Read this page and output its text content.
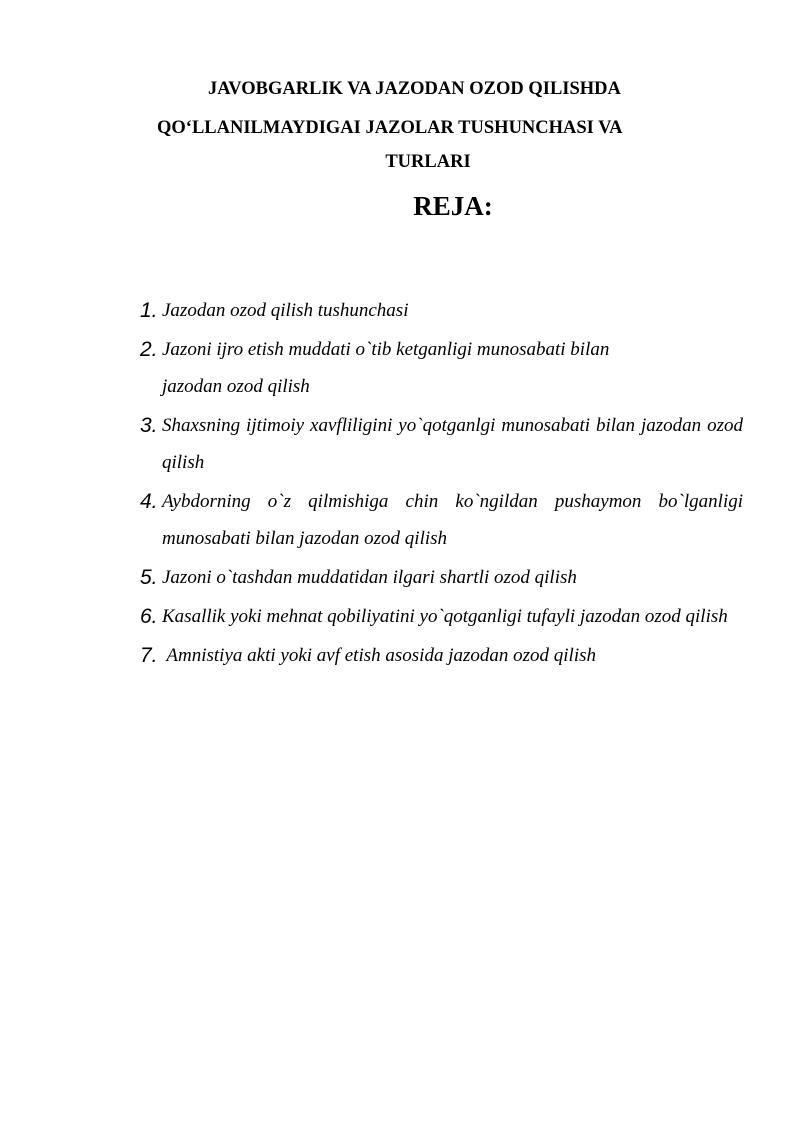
JAVOBGARLIK VA JAZODAN OZOD QILISHDA
QO‘LLANILMAYDIGAI JAZOLAR TUSHUNCHASI VA
TURLARI
REJA:
1. Jazodan ozod qilish tushunchasi
2. Jazoni ijro etish muddati o`tib ketganligi munosabati bilan jazodan ozod qilish
3. Shaxsning ijtimoiy xavfliligini yo`qotganlgi munosabati bilan jazodan ozod qilish
4. Aybdorning o`z qilmishiga chin ko`ngildan pushaymon bo`lganligi munosabati bilan jazodan ozod qilish
5. Jazoni o`tashdan muddatidan ilgari shartli ozod qilish
6. Kasallik yoki mehnat qobiliyatini yo`qotganligi tufayli jazodan ozod qilish
7. Amnistiya akti yoki avf etish asosida jazodan ozod qilish
